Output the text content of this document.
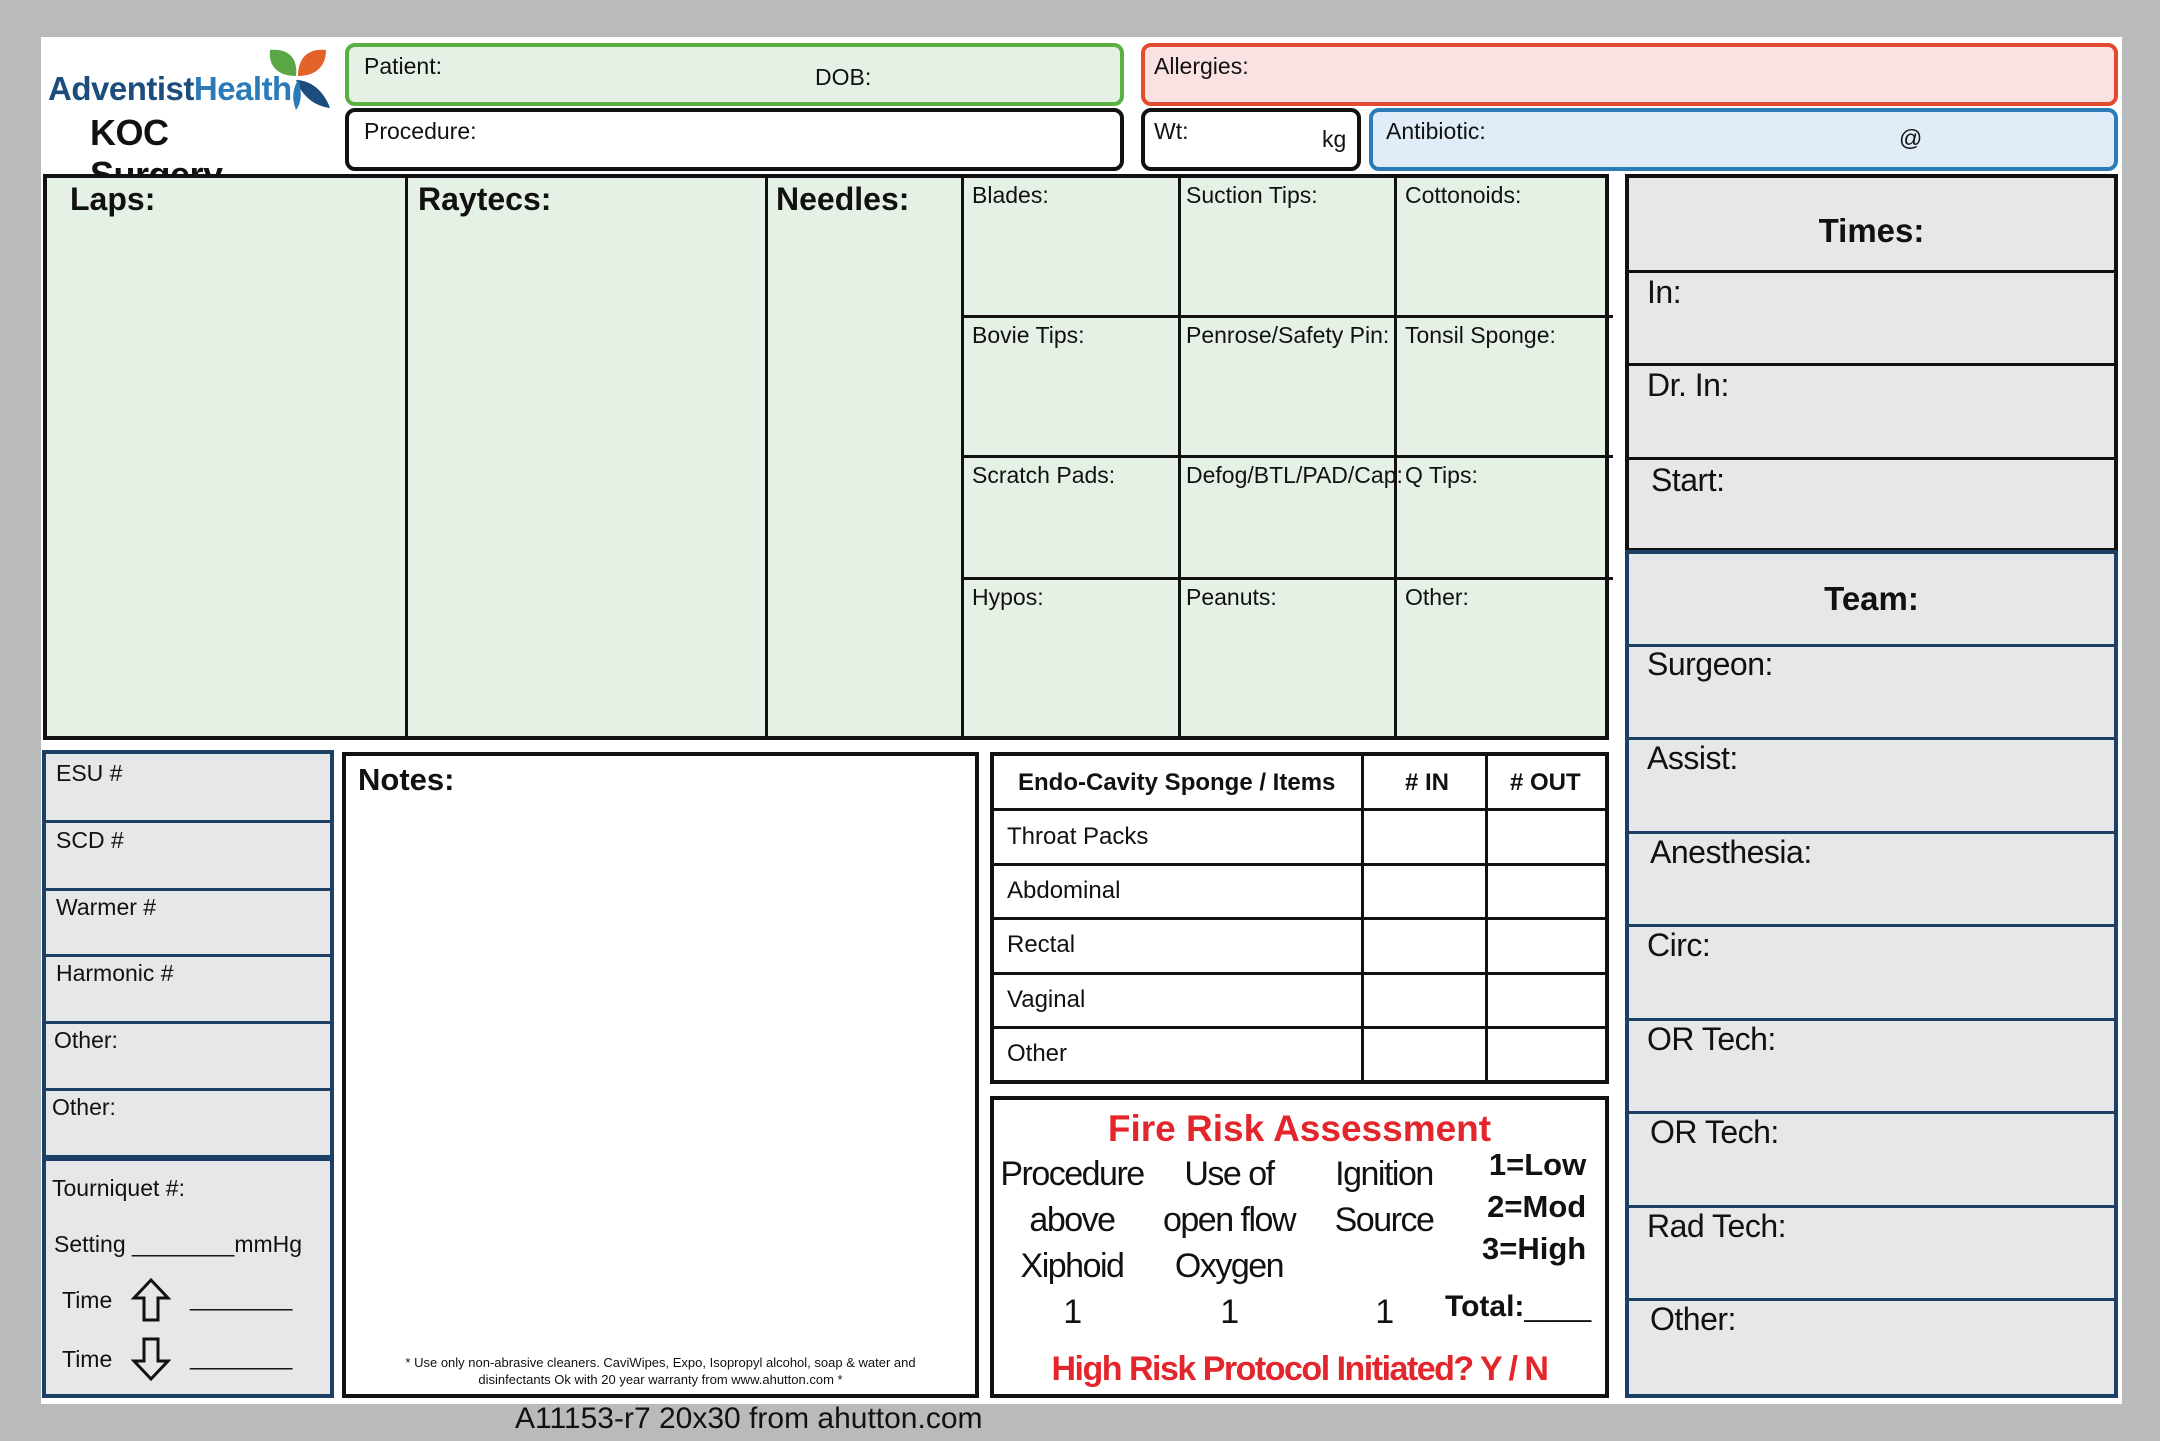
AdventistHealth
KOC
Patient:	DOB:	Allergies:
Procedure:	Wt:	kg Antibiotic:	@
Laps:	Raytecs:	Needles:	Blades:	Suction Tips:	Cottonoids:
Bovie Tips:	Penrose/Safety Pin: Tonsil Sponge:
Scratch Pads:	Defog/BTL/PAD/Cap: Q Tips:
Hypos:	Peanuts:	Other:
Times:
In:
Dr. In:
Start:
Team:
Surgeon:
Assist:
Anesthesia:
Circ:
OR Tech:
OR Tech:
Rad Tech:
Other:
ESU #
SCD #
Warmer #
Harmonic #
Other:
Other:
Tourniquet #:
Setting ________mmHg
Time	________
Time	________
Notes:
* Use only non-abrasive cleaners. CaviWipes, Expo, Isopropyl alcohol, soap & water and
disinfectants Ok with 20 year warranty from www.ahutton.com *
Endo-Cavity Sponge / Items	# IN	# OUT
Throat Packs
Abdominal
Rectal
Vaginal
Other
Fire Risk Assessment
Procedure
above
Xiphoid
1
Use of
open flow
Oxygen
1
Ignition
Source

1
1=Low
2=Mod
3=High
Total:____
High Risk Protocol Initiated? Y / N
A11153-r7 20x30 from ahutton.com
